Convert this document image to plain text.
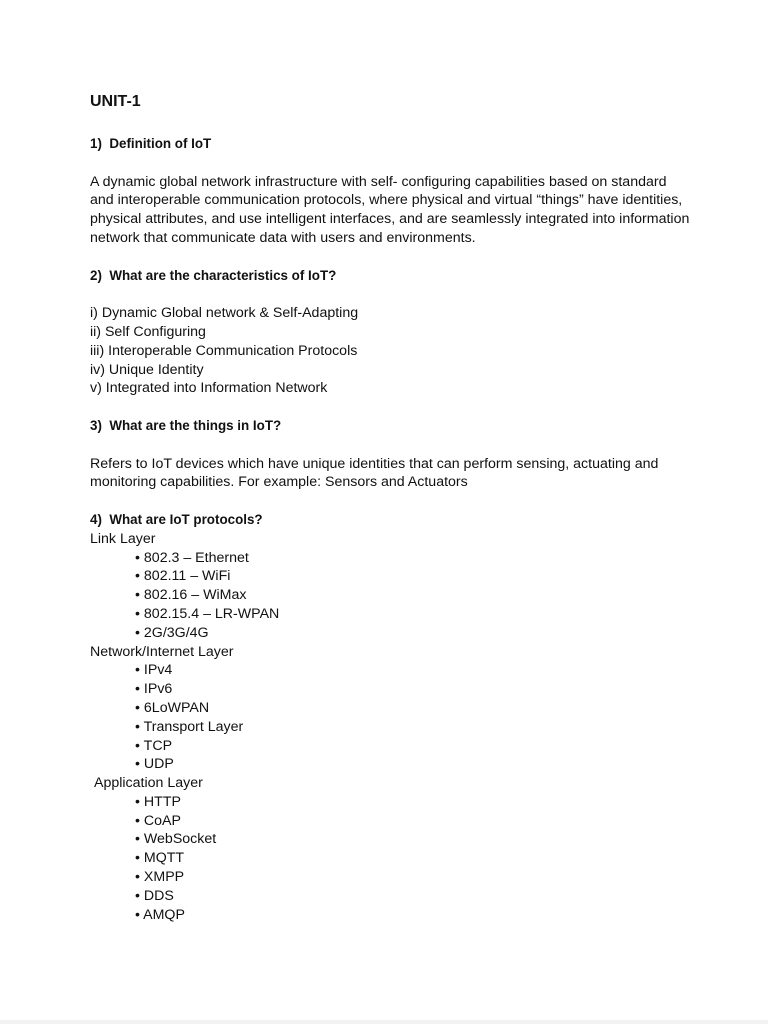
UNIT-1
1)  Definition of IoT
A dynamic global network infrastructure with self- configuring capabilities based on standard
and interoperable communication protocols, where physical and virtual “things” have identities,
physical attributes, and use intelligent interfaces, and are seamlessly integrated into information
network that communicate data with users and environments.
2)  What are the characteristics of IoT?
i) Dynamic Global network & Self-Adapting
ii) Self Configuring
iii) Interoperable Communication Protocols
iv) Unique Identity
v) Integrated into Information Network
3)  What are the things in IoT?
Refers to IoT devices which have unique identities that can perform sensing, actuating and
monitoring capabilities. For example: Sensors and Actuators
4)  What are IoT protocols?
Link Layer
• 802.3 – Ethernet
• 802.11 – WiFi
• 802.16 – WiMax
• 802.15.4 – LR-WPAN
• 2G/3G/4G
Network/Internet Layer
• IPv4
• IPv6
• 6LoWPAN
• Transport Layer
• TCP
• UDP
Application Layer
• HTTP
• CoAP
• WebSocket
• MQTT
• XMPP
• DDS
• AMQP
